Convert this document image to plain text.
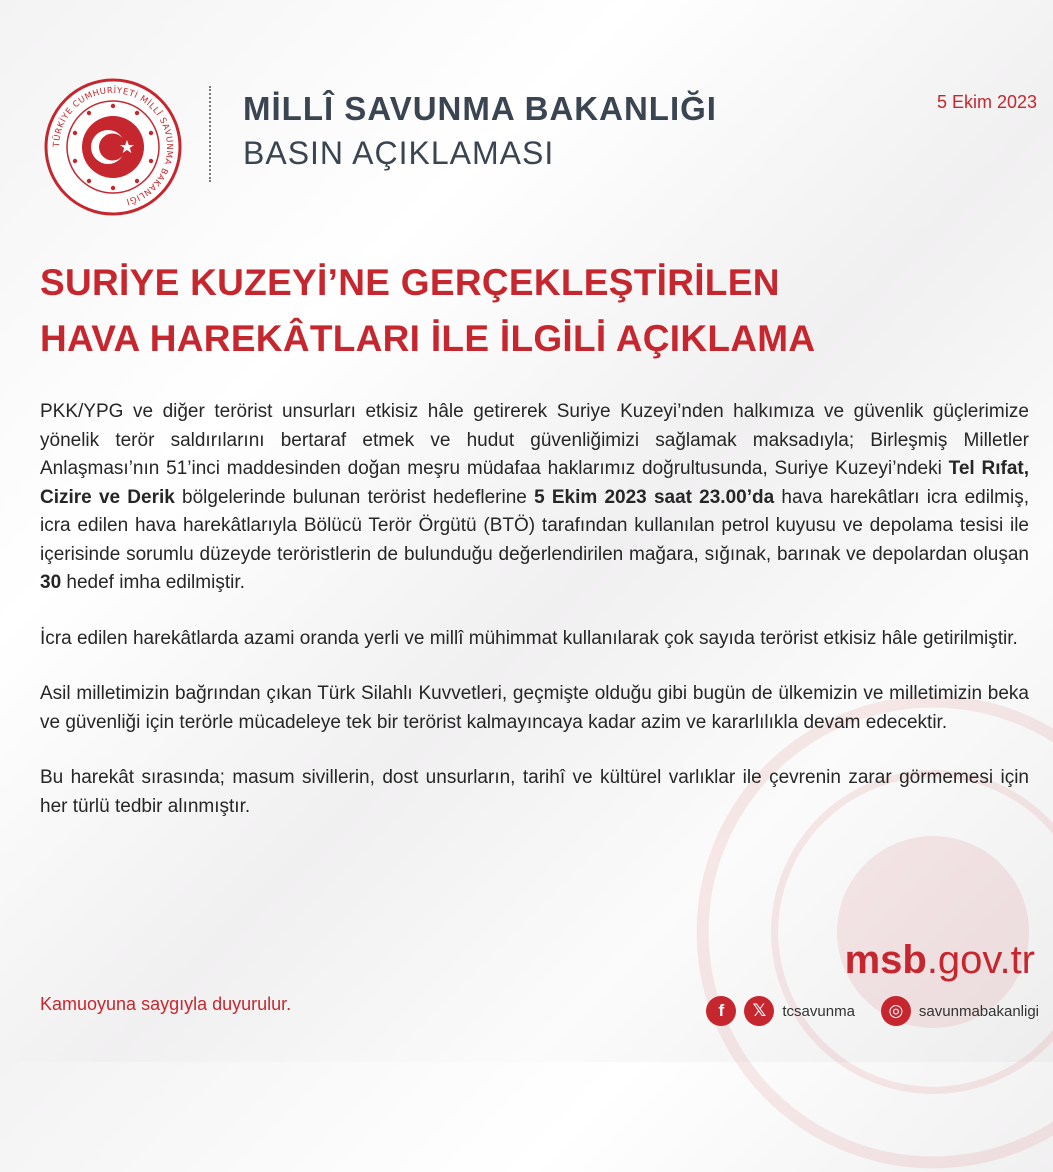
TÜRKİYE CUMHURİYETİ MİLLÎ SAVUNMA BAKANLIĞI
MİLLÎ SAVUNMA BAKANLIĞI
BASIN AÇIKLAMASI
5 Ekim 2023
SURİYE KUZEYİ’NE GERÇEKLEŞTİRİLEN
HAVA HAREKÂTLARI İLE İLGİLİ AÇIKLAMA

PKK/YPG ve diğer terörist unsurları etkisiz hâle getirerek Suriye Kuzeyi’nden halkımıza ve güvenlik güçlerimize yönelik terör saldırılarını bertaraf etmek ve hudut güvenliğimizi sağlamak maksadıyla; Birleşmiş Milletler Anlaşması’nın 51’inci maddesinden doğan meşru müdafaa haklarımız doğrultusunda, Suriye Kuzeyi’ndeki Tel Rıfat, Cizire ve Derik bölgelerinde bulunan terörist hedeflerine 5 Ekim 2023 saat 23.00’da hava harekâtları icra edilmiş, icra edilen hava harekâtlarıyla Bölücü Terör Örgütü (BTÖ) tarafından kullanılan petrol kuyusu ve depolama tesisi ile içerisinde sorumlu düzeyde teröristlerin de bulunduğu değerlendirilen mağara, sığınak, barınak ve depolardan oluşan 30 hedef imha edilmiştir.

İcra edilen harekâtlarda azami oranda yerli ve millî mühimmat kullanılarak çok sayıda terörist etkisiz hâle getirilmiştir.

Asil milletimizin bağrından çıkan Türk Silahlı Kuvvetleri, geçmişte olduğu gibi bugün de ülkemizin ve milletimizin beka ve güvenliği için terörle mücadeleye tek bir terörist kalmayıncaya kadar azim ve kararlılıkla devam edecektir.

Bu harekât sırasında; masum sivillerin, dost unsurların, tarihî ve kültürel varlıklar ile çevrenin zarar görmemesi için her türlü tedbir alınmıştır.

msb.gov.tr
Kamuoyuna saygıyla duyurulur.	f	𝕏	tcsavunma	◎	savunmabakanligi
